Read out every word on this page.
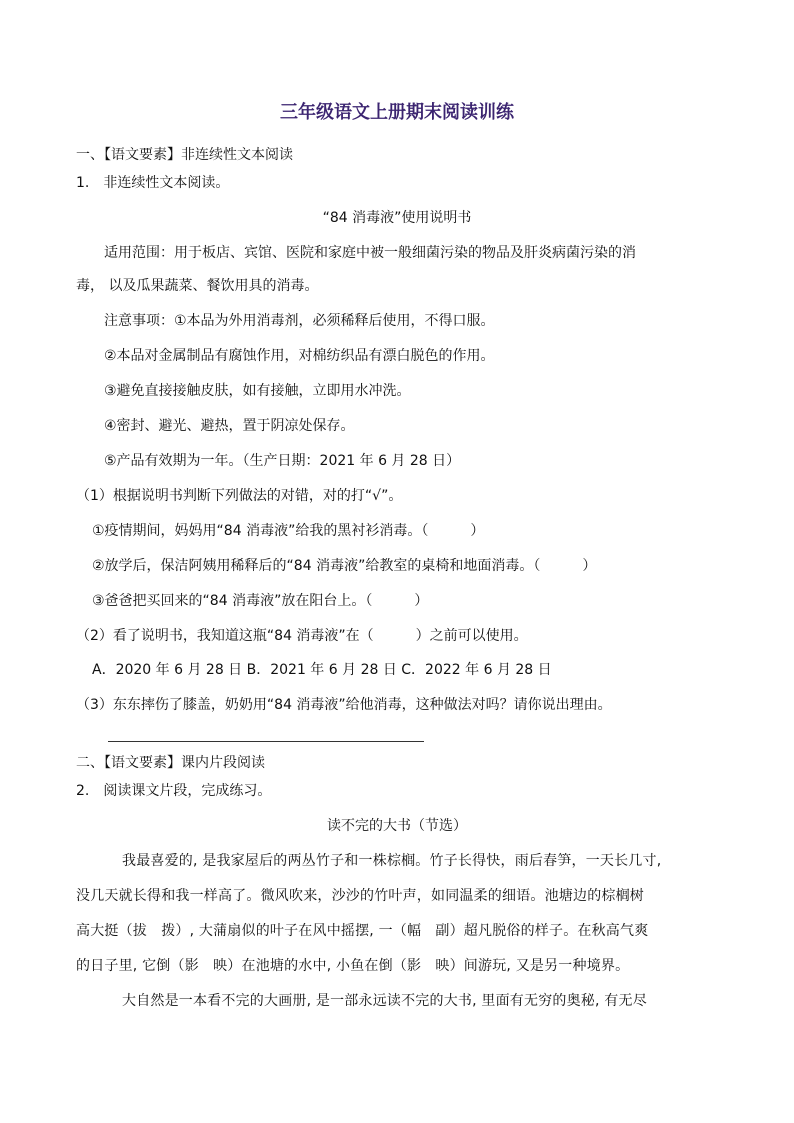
三年级语文上册期末阅读训练
一、【语文要素】非连续性文本阅读
1.　非连续性文本阅读。
“84 消毒液”使用说明书
适用范围：用于板店、宾馆、医院和家庭中被一般细菌污染的物品及肝炎病菌污染的消
毒， 以及瓜果蔬菜、餐饮用具的消毒。
注意事项：①本品为外用消毒剂，必须稀释后使用，不得口服。
②本品对金属制品有腐蚀作用，对棉纺织品有漂白脱色的作用。
③避免直接接触皮肤，如有接触，立即用水冲洗。
④密封、避光、避热，置于阴凉处保存。
⑤产品有效期为一年。（生产日期：2021 年 6 月 28 日）
（1）根据说明书判断下列做法的对错，对的打“√”。
①疫情期间，妈妈用“84 消毒液”给我的黑衬衫消毒。（　　　）
②放学后，保洁阿姨用稀释后的“84 消毒液”给教室的桌椅和地面消毒。（　　　）
③爸爸把买回来的“84 消毒液”放在阳台上。（　　　）
（2）看了说明书，我知道这瓶“84 消毒液”在（　　　）之前可以使用。
A．2020 年 6 月 28 日 B．2021 年 6 月 28 日 C．2022 年 6 月 28 日
（3）东东摔伤了膝盖，奶奶用“84 消毒液”给他消毒，这种做法对吗？请你说出理由。
二、【语文要素】课内片段阅读
2.　阅读课文片段，完成练习。
读不完的大书（节选）
我最喜爱的, 是我家屋后的两丛竹子和一株棕榈。竹子长得快，雨后春笋，一天长几寸,
没几天就长得和我一样高了。微风吹来，沙沙的竹叶声，如同温柔的细语。池塘边的棕榈树
高大挺（拔　拨）, 大蒲扇似的叶子在风中摇摆, 一（幅　副）超凡脱俗的样子。在秋高气爽
的日子里, 它倒（影　映）在池塘的水中, 小鱼在倒（影　映）间游玩, 又是另一种境界。
大自然是一本看不完的大画册, 是一部永远读不完的大书, 里面有无穷的奥秘, 有无尽
